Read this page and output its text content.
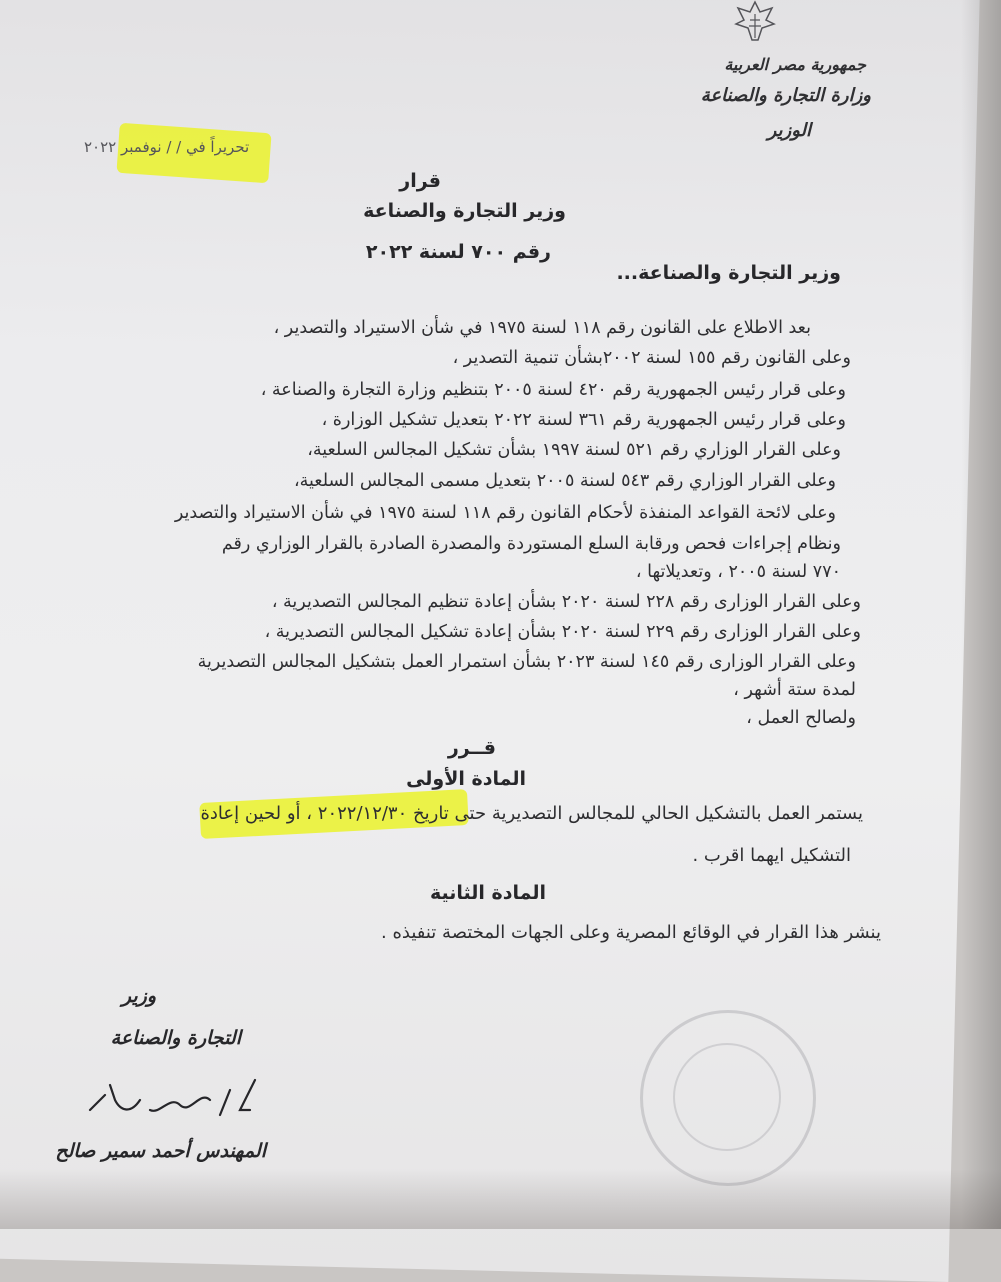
جمهورية مصر العربية
وزارة التجارة والصناعة
الوزير
تحريراً في / / نوفمبر ٢٠٢٢
قرار
وزير التجارة والصناعة
رقم ٧٠٠ لسنة ٢٠٢٢
وزير التجارة والصناعة...
بعد الاطلاع على القانون رقم ١١٨ لسنة ١٩٧٥ في شأن الاستيراد والتصدير ،
وعلى القانون رقم ١٥٥ لسنة ٢٠٠٢بشأن تنمية التصدير ،
وعلى قرار رئيس الجمهورية رقم ٤٢٠ لسنة ٢٠٠٥ بتنظيم وزارة التجارة والصناعة ،
وعلى قرار رئيس الجمهورية رقم ٣٦١ لسنة ٢٠٢٢ بتعديل تشكيل الوزارة ،
وعلى القرار الوزاري رقم ٥٢١ لسنة ١٩٩٧ بشأن تشكيل المجالس السلعية،
وعلى القرار الوزاري رقم ٥٤٣ لسنة ٢٠٠٥ بتعديل مسمى المجالس السلعية،
وعلى لائحة القواعد المنفذة لأحكام القانون رقم ١١٨ لسنة ١٩٧٥ في شأن الاستيراد والتصدير
ونظام إجراءات فحص ورقابة السلع المستوردة والمصدرة الصادرة بالقرار الوزاري رقم
٧٧٠ لسنة ٢٠٠٥ ، وتعديلاتها ،
وعلى القرار الوزارى رقم ٢٢٨ لسنة ٢٠٢٠ بشأن إعادة تنظيم المجالس التصديرية ،
وعلى القرار الوزارى رقم ٢٢٩ لسنة ٢٠٢٠ بشأن إعادة تشكيل المجالس التصديرية ،
وعلى القرار الوزارى رقم ١٤٥ لسنة ٢٠٢٣ بشأن استمرار العمل بتشكيل المجالس التصديرية
لمدة ستة أشهر ،
ولصالح العمل ،
قــرر
المادة الأولى
يستمر العمل بالتشكيل الحالي للمجالس التصديرية حتى تاريخ ٢٠٢٢/١٢/٣٠ ، أو لحين إعادة
التشكيل ايهما اقرب .
المادة الثانية
ينشر هذا القرار في الوقائع المصرية وعلى الجهات المختصة تنفيذه .
وزير
التجارة والصناعة
المهندس أحمد سمير صالح
